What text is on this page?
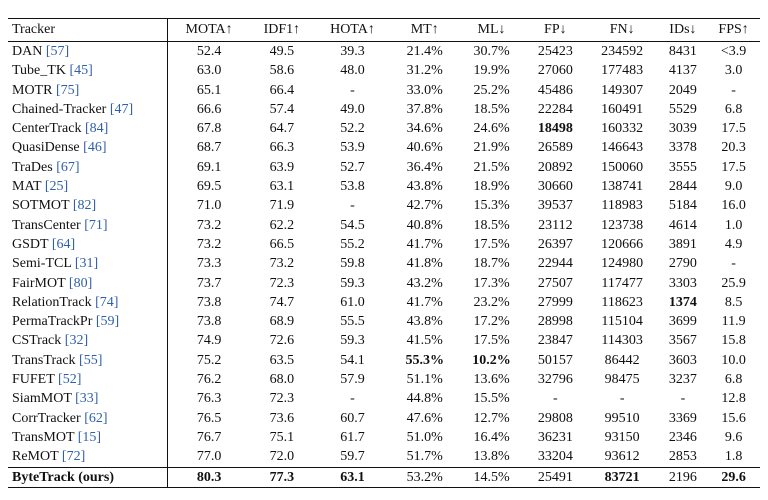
Tracker	MOTA↑	IDF1↑	HOTA↑	MT↑	ML↓	FP↓	FN↓	IDs↓	FPS↑
DAN [57]	52.4	49.5	39.3	21.4%	30.7%	25423	234592	8431	<3.9
Tube_TK [45]	63.0	58.6	48.0	31.2%	19.9%	27060	177483	4137	3.0
MOTR [75]	65.1	66.4	-	33.0%	25.2%	45486	149307	2049	-
Chained-Tracker [47]	66.6	57.4	49.0	37.8%	18.5%	22284	160491	5529	6.8
CenterTrack [84]	67.8	64.7	52.2	34.6%	24.6%	18498	160332	3039	17.5
QuasiDense [46]	68.7	66.3	53.9	40.6%	21.9%	26589	146643	3378	20.3
TraDes [67]	69.1	63.9	52.7	36.4%	21.5%	20892	150060	3555	17.5
MAT [25]	69.5	63.1	53.8	43.8%	18.9%	30660	138741	2844	9.0
SOTMOT [82]	71.0	71.9	-	42.7%	15.3%	39537	118983	5184	16.0
TransCenter [71]	73.2	62.2	54.5	40.8%	18.5%	23112	123738	4614	1.0
GSDT [64]	73.2	66.5	55.2	41.7%	17.5%	26397	120666	3891	4.9
Semi-TCL [31]	73.3	73.2	59.8	41.8%	18.7%	22944	124980	2790	-
FairMOT [80]	73.7	72.3	59.3	43.2%	17.3%	27507	117477	3303	25.9
RelationTrack [74]	73.8	74.7	61.0	41.7%	23.2%	27999	118623	1374	8.5
PermaTrackPr [59]	73.8	68.9	55.5	43.8%	17.2%	28998	115104	3699	11.9
CSTrack [32]	74.9	72.6	59.3	41.5%	17.5%	23847	114303	3567	15.8
TransTrack [55]	75.2	63.5	54.1	55.3%	10.2%	50157	86442	3603	10.0
FUFET [52]	76.2	68.0	57.9	51.1%	13.6%	32796	98475	3237	6.8
SiamMOT [33]	76.3	72.3	-	44.8%	15.5%	-	-	-	12.8
CorrTracker [62]	76.5	73.6	60.7	47.6%	12.7%	29808	99510	3369	15.6
TransMOT [15]	76.7	75.1	61.7	51.0%	16.4%	36231	93150	2346	9.6
ReMOT [72]	77.0	72.0	59.7	51.7%	13.8%	33204	93612	2853	1.8
ByteTrack (ours)	80.3	77.3	63.1	53.2%	14.5%	25491	83721	2196	29.6
